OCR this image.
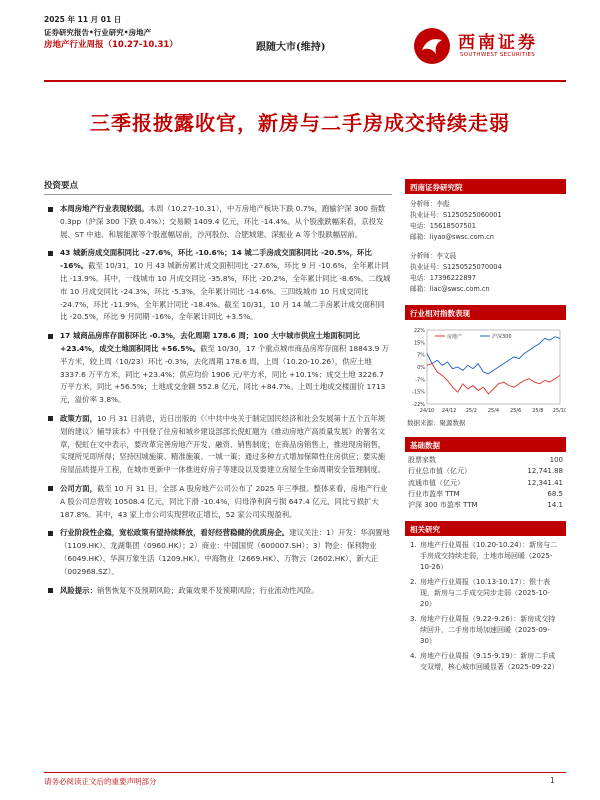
2025 年 11 月 01 日
证券研究报告•行业研究•房地产
房地产行业周报（10.27-10.31）	跟随大市(维持)	西南证券
SOUTHWEST SECURITIES
三季报披露收官，新房与二手房成交持续走弱
投资要点
本周房地产行业表现较弱。本周（10.27-10.31），中万房地产板块下跌 0.7%，跑输沪深 300 指数 0.3pp（沪深 300 下跌 0.4%）；交易额 1409.4 亿元，环比 -14.4%。从个股涨跌幅来看，京投发展、ST 中迪、和展能源等个股涨幅居前，沙河股份、合肥城建、深振业 A 等个股跌幅居前。
43 城新房成交面积同比 -27.6%，环比 -10.6%；14 城二手房成交面积同比 -20.5%，环比 -16%。截至 10/31，10 月 43 城新房累计成交面积同比 -27.6%，环比 9 月 -10.6%，全年累计同比 -13.9%。其中，一线城市 10 月成交同比 -35.8%，环比 -20.2%，全年累计同比 -8.6%。二线城市 10 月成交同比 -24.3%，环比 -5.3%，全年累计同比 -14.6%。三四线城市 10 月成交同比 -24.7%，环比 -11.9%，全年累计同比 -18.4%。截至 10/31，10 月 14 城二手房累计成交面积同比 -20.5%，环比 9 月同期 -16%，全年累计同比 +3.5%。
17 城商品房库存面积环比 -0.3%，去化周期 178.6 周；100 大中城市供应土地面积同比 +23.4%，成交土地面积同比 +56.5%。截至 10/30，17 个重点城市商品房库存面积 18843.9 万平方米，较上周（10/23）环比 -0.3%，去化周期 178.6 周。上周（10.20-10.26），供应土地 3337.6 万平方米，同比 +23.4%；供应均价 1906 元/平方米，同比 +10.1%；成交土地 3226.7 万平方米，同比 +56.5%；土地成交金额 552.8 亿元，同比 +84.7%。上周土地成交楼面价 1713 元，溢价率 3.8%。
政策方面，10 月 31 日消息，近日出版的《〈中共中央关于制定国民经济和社会发展第十五个五年规划的建议〉辅导读本》中刊登了住房和城乡建设部部长倪虹题为《推动房地产高质量发展》的署名文章，倪虹在文中表示，要改革完善房地产开发、融资、销售制度；在商品房销售上，推进现房销售，实现所见即所得；坚持因城施策、精准施策、一城一策；通过多种方式增加保障性住房供应；要实施房屋品质提升工程，在城市更新中一体推进好房子等建设以及要建立房屋全生命周期安全管理制度。
公司方面，截至 10 月 31 日，全部 A 股房地产公司公布了 2025 年三季报。整体来看，房地产行业 A 股公司总营收 10508.4 亿元，同比下滑 -10.4%，归母净利润亏损 647.4 亿元，同比亏损扩大 187.8%。其中，43 家上市公司实现营收正增长，52 家公司实现盈利。
行业阶段性企稳，宽松政策有望持续释放，看好经营稳健的优质房企。建议关注：1）开发：华润置地（1109.HK）、龙湖集团（0960.HK）；2）商业：中国国贸（600007.SH）；3）物企：保利物业（6049.HK）、华润万象生活（1209.HK）、中海物业（2669.HK）、万物云（2602.HK）、新大正（002968.SZ）。
风险提示：销售恢复不及预期风险；政策效果不及预期风险；行业流动性风险。
西南证券研究院
分析师：李彪
执业证号：S1250525060001
电话：15618507501
邮箱：liyao@swsc.com.cn
分析师：李文晨
执业证号：S1250525070004
电话：17396222897
邮箱：liac@swsc.com.cn
行业相对指数表现
22%
15%
7%
0%
-7%
-15%
-22%
24/10 24/12 25/2 25/4 25/6 25/8 25/10
房地产	沪深300
数据来源：聚源数据
基础数据
股票家数	100
行业总市值（亿元）	12,741.88
流通市值（亿元）	12,341.41
行业市盈率 TTM	68.5
沪深 300 市盈率 TTM	14.1
相关研究
1. 房地产行业周报（10.20-10.24）：新房与二手房成交持续走弱，土地市场回暖（2025-10-26）
2. 房地产行业周报（10.13-10.17）：银十表现，新房与二手成交同步走弱（2025-10-20）
3. 房地产行业周报（9.22-9.26）：新房成交持续回升，二手房市场加速回暖（2025-09-30）
4. 房地产行业周报（9.15-9.19）：新房二手成交双增，核心城市回暖显著（2025-09-22）
请务必阅读正文后的重要声明部分	1
